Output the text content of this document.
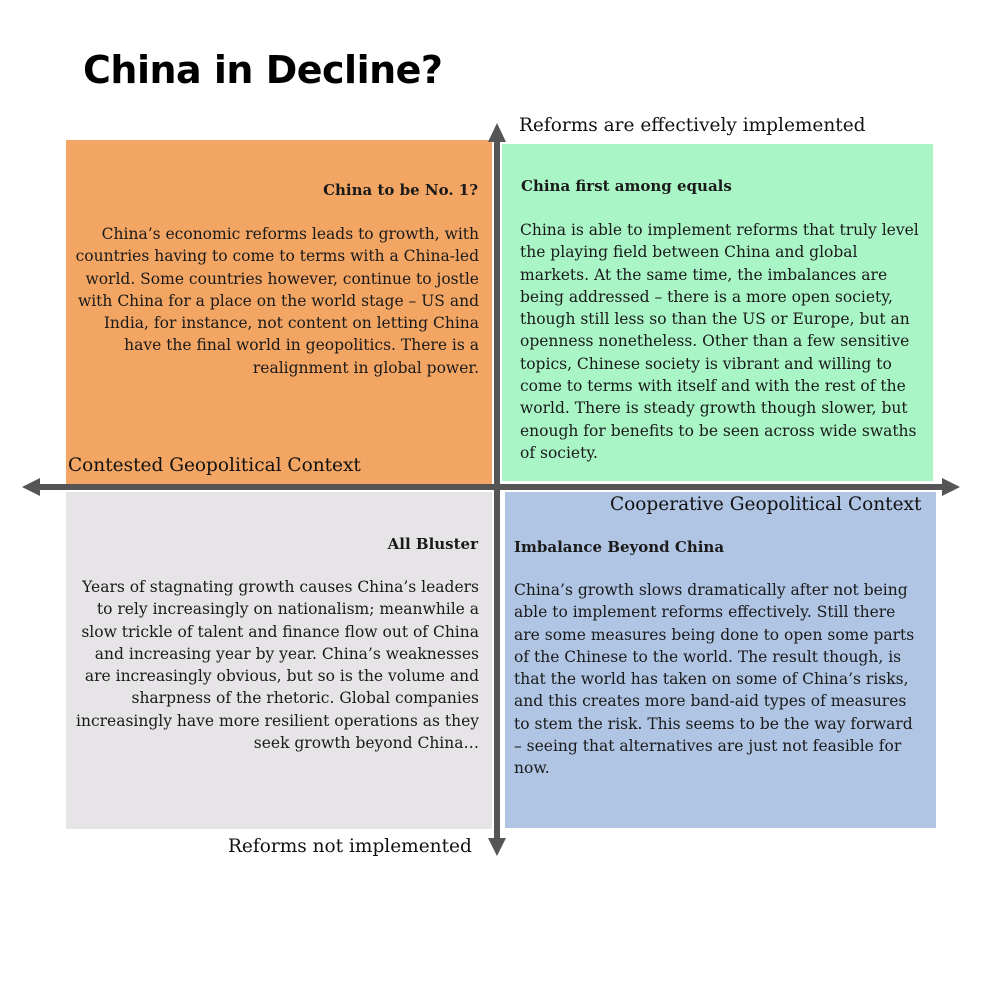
China in Decline?
Reforms are effectively implemented
Reforms not implemented
Contested Geopolitical Context
Cooperative Geopolitical Context
China to be No. 1?
China’s economic reforms leads to growth, with countries having to come to terms with a China-led world. Some countries however, continue to jostle with China for a place on the world stage – US and India, for instance, not content on letting China have the final world in geopolitics. There is a realignment in global power.
China first among equals
China is able to implement reforms that truly level the playing field between China and global markets. At the same time, the imbalances are being addressed – there is a more open society, though still less so than the US or Europe, but an openness nonetheless. Other than a few sensitive topics, Chinese society is vibrant and willing to come to terms with itself and with the rest of the world. There is steady growth though slower, but enough for benefits to be seen across wide swaths of society.
All Bluster
Years of stagnating growth causes China’s leaders to rely increasingly on nationalism; meanwhile a slow trickle of talent and finance flow out of China and increasing year by year. China’s weaknesses are increasingly obvious, but so is the volume and sharpness of the rhetoric. Global companies increasingly have more resilient operations as they seek growth beyond China…
Imbalance Beyond China
China’s growth slows dramatically after not being able to implement reforms effectively. Still there are some measures being done to open some parts of the Chinese to the world. The result though, is that the world has taken on some of China’s risks, and this creates more band-aid types of measures to stem the risk. This seems to be the way forward – seeing that alternatives are just not feasible for now.
